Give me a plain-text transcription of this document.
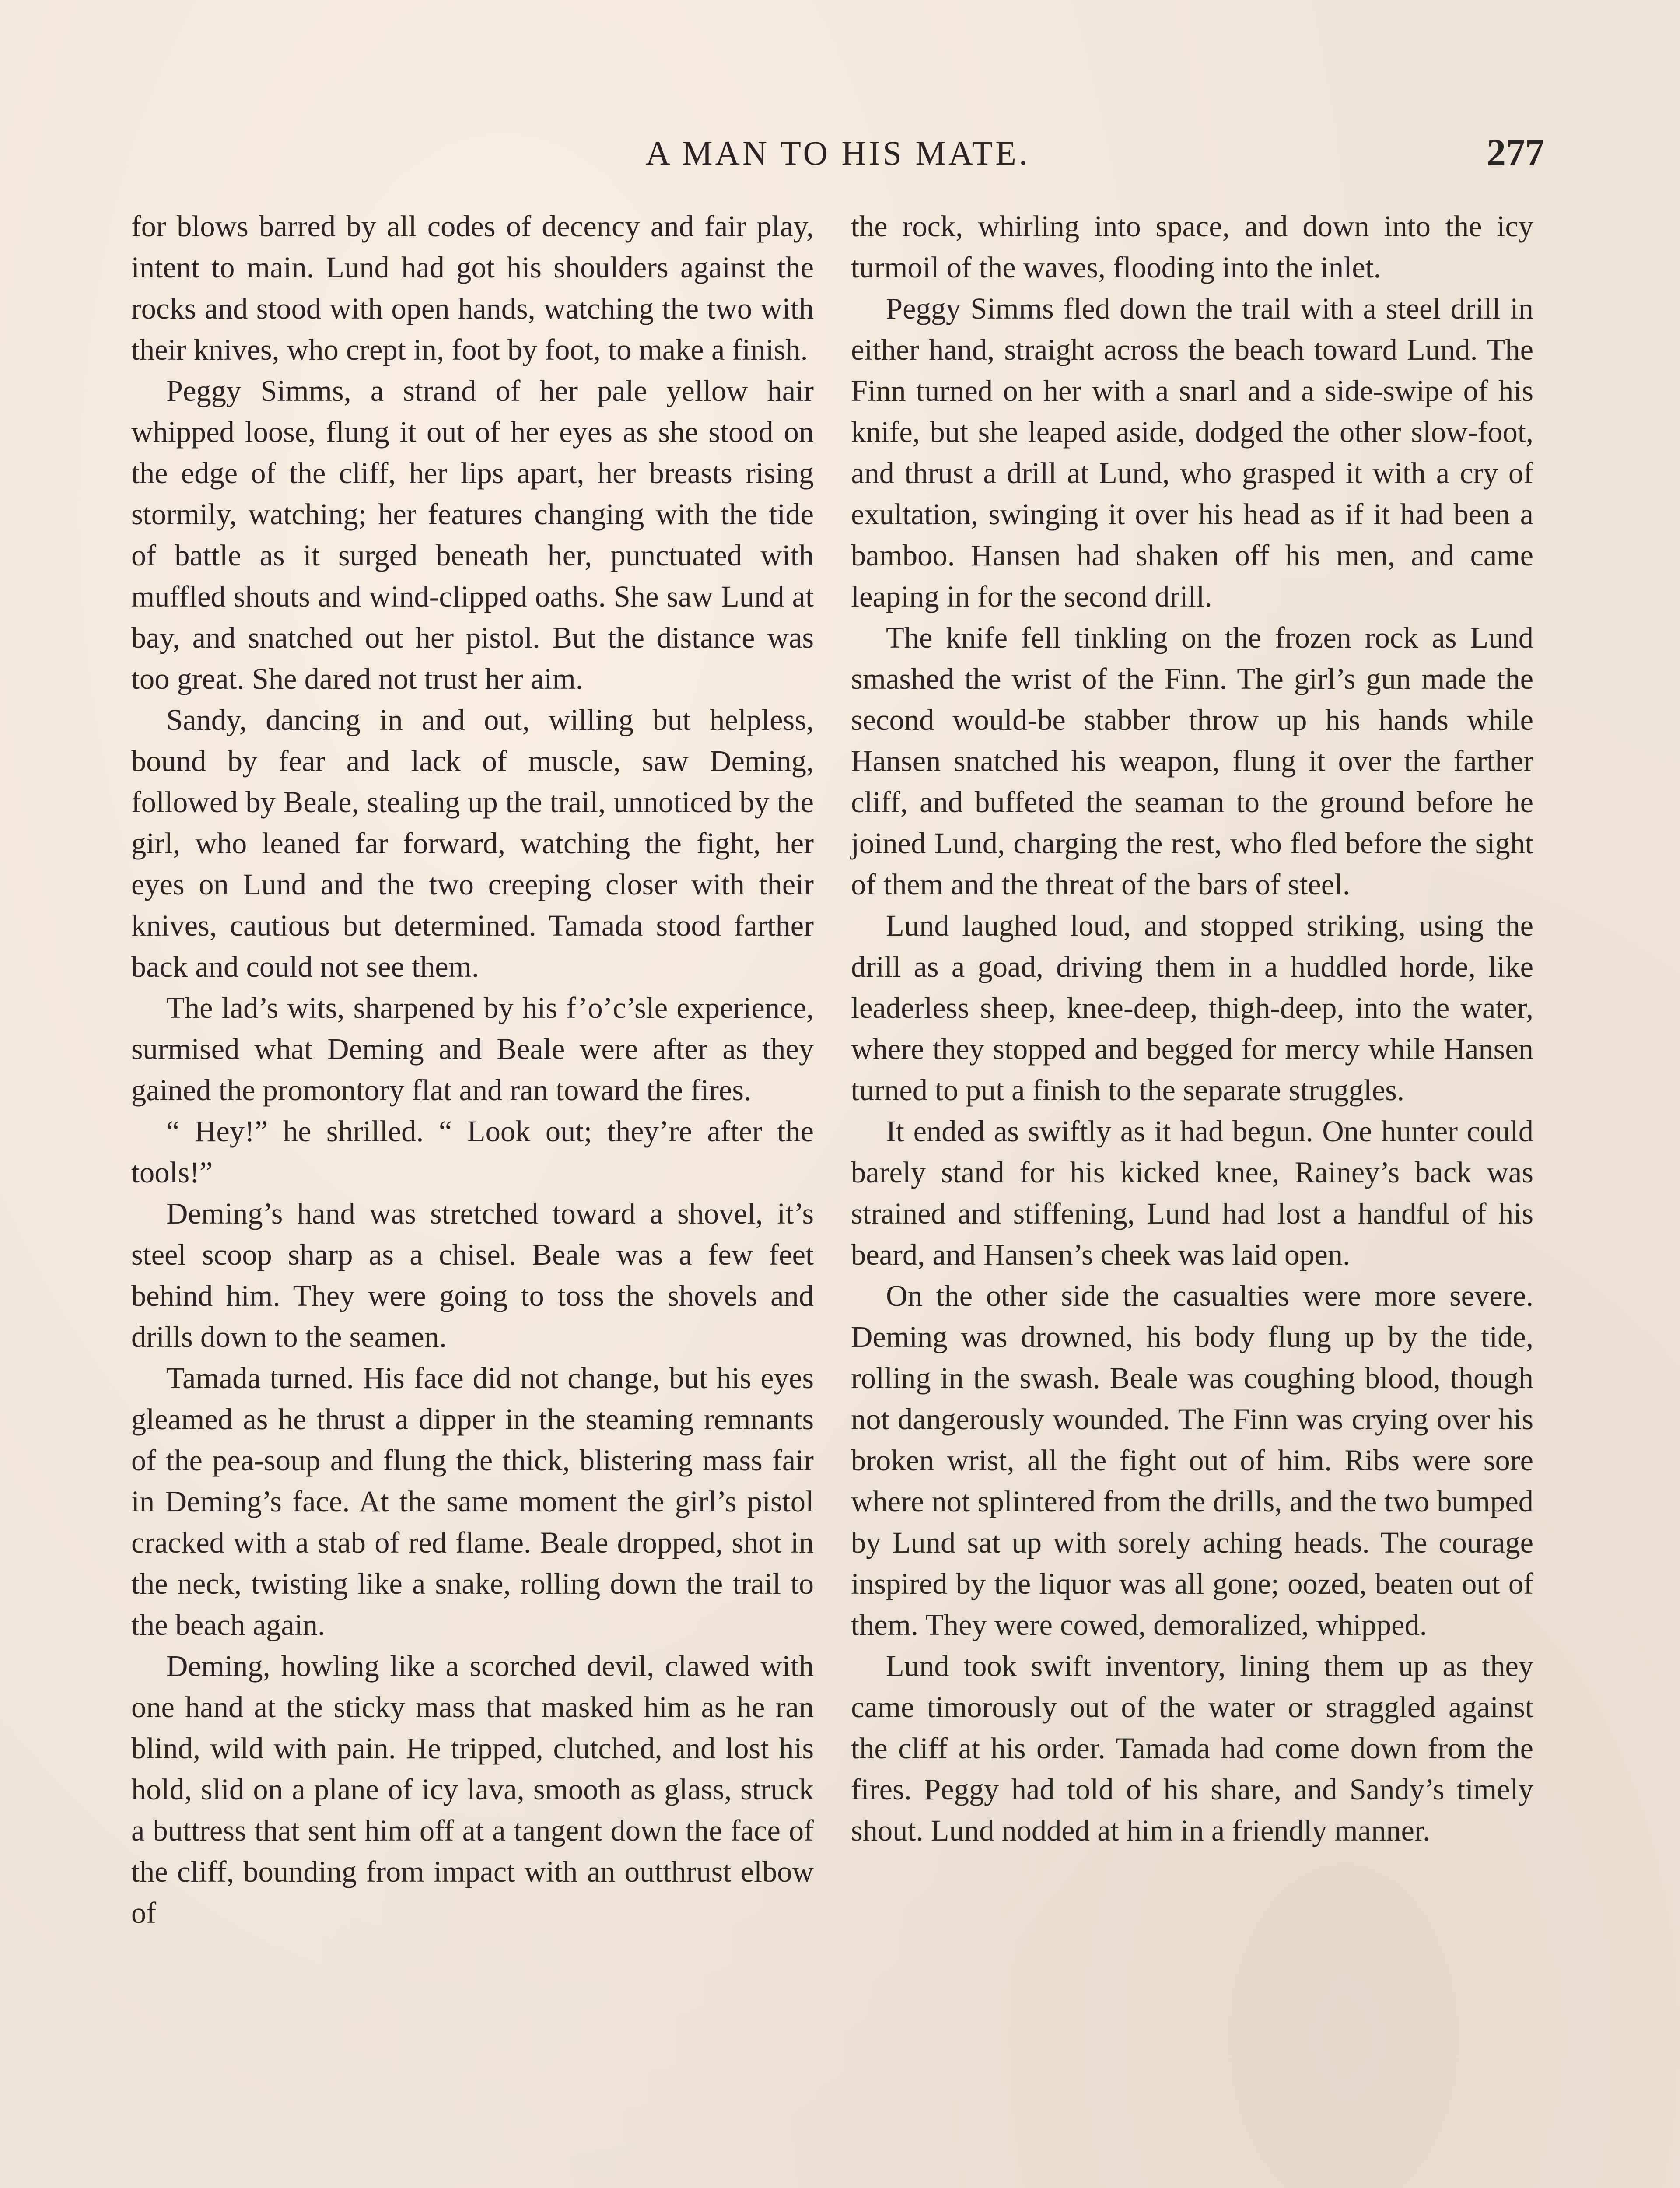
A MAN TO HIS MATE.	277

for blows barred by all codes of decency and fair play, intent to main. Lund had got his shoulders against the rocks and stood with open hands, watching the two with their knives, who crept in, foot by foot, to make a finish.

Peggy Simms, a strand of her pale yellow hair whipped loose, flung it out of her eyes as she stood on the edge of the cliff, her lips apart, her breasts rising stormily, watching; her features changing with the tide of battle as it surged beneath her, punctuated with muffled shouts and wind-clipped oaths. She saw Lund at bay, and snatched out her pistol. But the distance was too great. She dared not trust her aim.

Sandy, dancing in and out, willing but helpless, bound by fear and lack of muscle, saw Deming, followed by Beale, stealing up the trail, unnoticed by the girl, who leaned far forward, watching the fight, her eyes on Lund and the two creeping closer with their knives, cautious but determined. Tamada stood farther back and could not see them.

The lad’s wits, sharpened by his f’o’c’sle experience, surmised what Deming and Beale were after as they gained the promontory flat and ran toward the fires.

“ Hey!” he shrilled. “ Look out; they’re after the tools!”

Deming’s hand was stretched toward a shovel, it’s steel scoop sharp as a chisel. Beale was a few feet behind him. They were going to toss the shovels and drills down to the seamen.

Tamada turned. His face did not change, but his eyes gleamed as he thrust a dipper in the steaming remnants of the pea-soup and flung the thick, blistering mass fair in Deming’s face. At the same moment the girl’s pistol cracked with a stab of red flame. Beale dropped, shot in the neck, twisting like a snake, rolling down the trail to the beach again.

Deming, howling like a scorched devil, clawed with one hand at the sticky mass that masked him as he ran blind, wild with pain. He tripped, clutched, and lost his hold, slid on a plane of icy lava, smooth as glass, struck a buttress that sent him off at a tangent down the face of the cliff, bounding from impact with an outthrust elbow of

the rock, whirling into space, and down into the icy turmoil of the waves, flooding into the inlet.

Peggy Simms fled down the trail with a steel drill in either hand, straight across the beach toward Lund. The Finn turned on her with a snarl and a side-swipe of his knife, but she leaped aside, dodged the other slow-foot, and thrust a drill at Lund, who grasped it with a cry of exultation, swinging it over his head as if it had been a bamboo. Hansen had shaken off his men, and came leaping in for the second drill.

The knife fell tinkling on the frozen rock as Lund smashed the wrist of the Finn. The girl’s gun made the second would-be stabber throw up his hands while Hansen snatched his weapon, flung it over the farther cliff, and buffeted the seaman to the ground before he joined Lund, charging the rest, who fled before the sight of them and the threat of the bars of steel.

Lund laughed loud, and stopped striking, using the drill as a goad, driving them in a huddled horde, like leaderless sheep, knee-deep, thigh-deep, into the water, where they stopped and begged for mercy while Hansen turned to put a finish to the separate struggles.

It ended as swiftly as it had begun. One hunter could barely stand for his kicked knee, Rainey’s back was strained and stiffening, Lund had lost a handful of his beard, and Hansen’s cheek was laid open.

On the other side the casualties were more severe. Deming was drowned, his body flung up by the tide, rolling in the swash. Beale was coughing blood, though not dangerously wounded. The Finn was crying over his broken wrist, all the fight out of him. Ribs were sore where not splintered from the drills, and the two bumped by Lund sat up with sorely aching heads. The courage inspired by the liquor was all gone; oozed, beaten out of them. They were cowed, demoralized, whipped.

Lund took swift inventory, lining them up as they came timorously out of the water or straggled against the cliff at his order. Tamada had come down from the fires. Peggy had told of his share, and Sandy’s timely shout. Lund nodded at him in a friendly manner.
